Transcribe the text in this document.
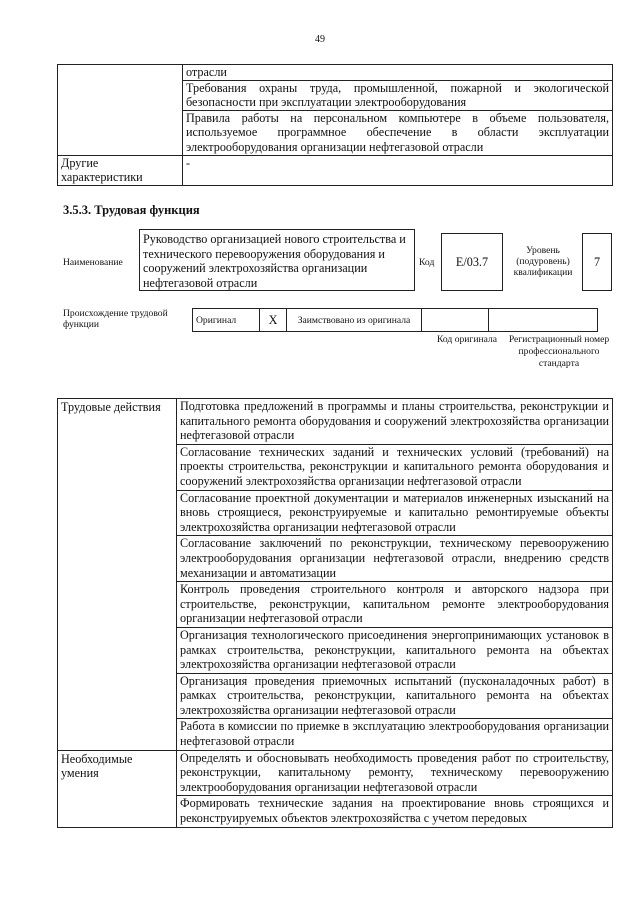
49
	отрасли
	Требования охраны труда, промышленной, пожарной и экологической безопасности при эксплуатации электрооборудования
	Правила работы на персональном компьютере в объеме пользователя, используемое программное обеспечение в области эксплуатации электрооборудования организации нефтегазовой отрасли
Другие характеристики	-
3.5.3. Трудовая функция
Наименование
Руководство организацией нового строительства и технического перевооружения оборудования и сооружений электрохозяйства организации нефтегазовой отрасли
Код	E/03.7
Уровень (подуровень) квалификации
7
Происхождение трудовой функции	Оригинал	X	Заимствовано из оригинала		
Код оригинала	Регистрационный номер профессионального стандарта
Трудовые действия	Подготовка предложений в программы и планы строительства, реконструкции и капитального ремонта оборудования и сооружений электрохозяйства организации нефтегазовой отрасли
	Согласование технических заданий и технических условий (требований) на проекты строительства, реконструкции и капитального ремонта оборудования и сооружений электрохозяйства организации нефтегазовой отрасли
	Согласование проектной документации и материалов инженерных изысканий на вновь строящиеся, реконструируемые и капитально ремонтируемые объекты электрохозяйства организации нефтегазовой отрасли
	Согласование заключений по реконструкции, техническому перевооружению электрооборудования организации нефтегазовой отрасли, внедрению средств механизации и автоматизации
	Контроль проведения строительного контроля и авторского надзора при строительстве, реконструкции, капитальном ремонте электрооборудования организации нефтегазовой отрасли
	Организация технологического присоединения энергопринимающих установок в рамках строительства, реконструкции, капитального ремонта на объектах электрохозяйства организации нефтегазовой отрасли
	Организация проведения приемочных испытаний (пусконаладочных работ) в рамках строительства, реконструкции, капитального ремонта на объектах электрохозяйства организации нефтегазовой отрасли
	Работа в комиссии по приемке в эксплуатацию электрооборудования организации нефтегазовой отрасли
Необходимые умения	Определять и обосновывать необходимость проведения работ по строительству, реконструкции, капитальному ремонту, техническому перевооружению электрооборудования организации нефтегазовой отрасли
	Формировать технические задания на проектирование вновь строящихся и реконструируемых объектов электрохозяйства с учетом передовых
